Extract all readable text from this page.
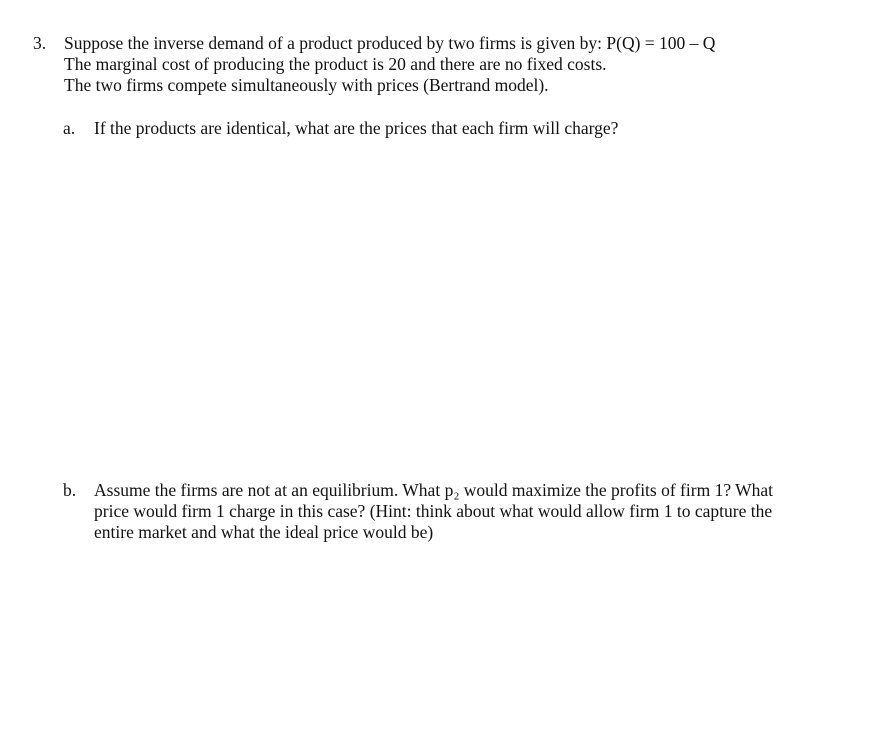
3.	Suppose the inverse demand of a product produced by two firms is given by: P(Q) = 100 – Q
The marginal cost of producing the product is 20 and there are no fixed costs.
The two firms compete simultaneously with prices (Bertrand model).
a.	If the products are identical, what are the prices that each firm will charge?
b.	Assume the firms are not at an equilibrium. What p₂ would maximize the profits of firm 1? What
price would firm 1 charge in this case? (Hint: think about what would allow firm 1 to capture the
entire market and what the ideal price would be)
